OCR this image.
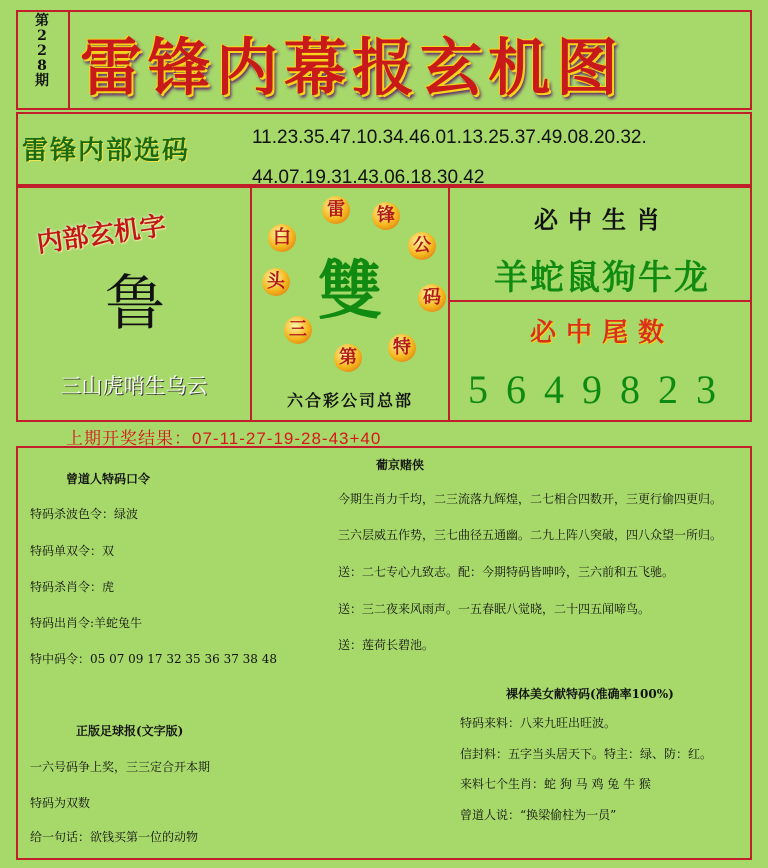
第
2
2
8
期 雷锋内幕报玄机图
雷锋内部选码	11.23.35.47.10.34.46.01.13.25.37.49.08.20.32.
44.07.19.31.43.06.18.30.42
内部玄机字
鲁
三山虎哨生乌云
白
雷 锋
公
码
特
第
三
头 雙
六合彩公司总部
必中生肖
羊蛇鼠狗牛龙
必中尾数
5649823
上期开奖结果：07-11-27-19-28-43+40
曾道人特码口令
特码杀波色令：绿波
特码单双令：双
特码杀肖令：虎
特码出肖令:羊蛇兔牛
特中码令：05 07 09 17 32 35 36 37 38 48
正版足球报(文字版)
一六号码争上奖，三三定合开本期
特码为双数
给一句话：欲钱买第一位的动物
葡京赌侠
今期生肖力千均，二三流落九辉煌，二七相合四数开，三更行偷四更归。
三六层威五作势，三七曲径五通幽。二九上阵八突破，四八众望一所归。
送：二七专心九致志。配：今期特码皆呻吟，三六前和五飞驰。
送：三二夜来风雨声。一五春眠八觉晓，二十四五闻啼鸟。
送：莲荷长碧池。
裸体美女献特码(准确率100%)
特码来料：八来九旺出旺波。
信封料：五字当头居天下。特主：绿、防：红。
来料七个生肖：蛇 狗 马 鸡 兔 牛 猴
曾道人说：“换梁偷柱为一员”
